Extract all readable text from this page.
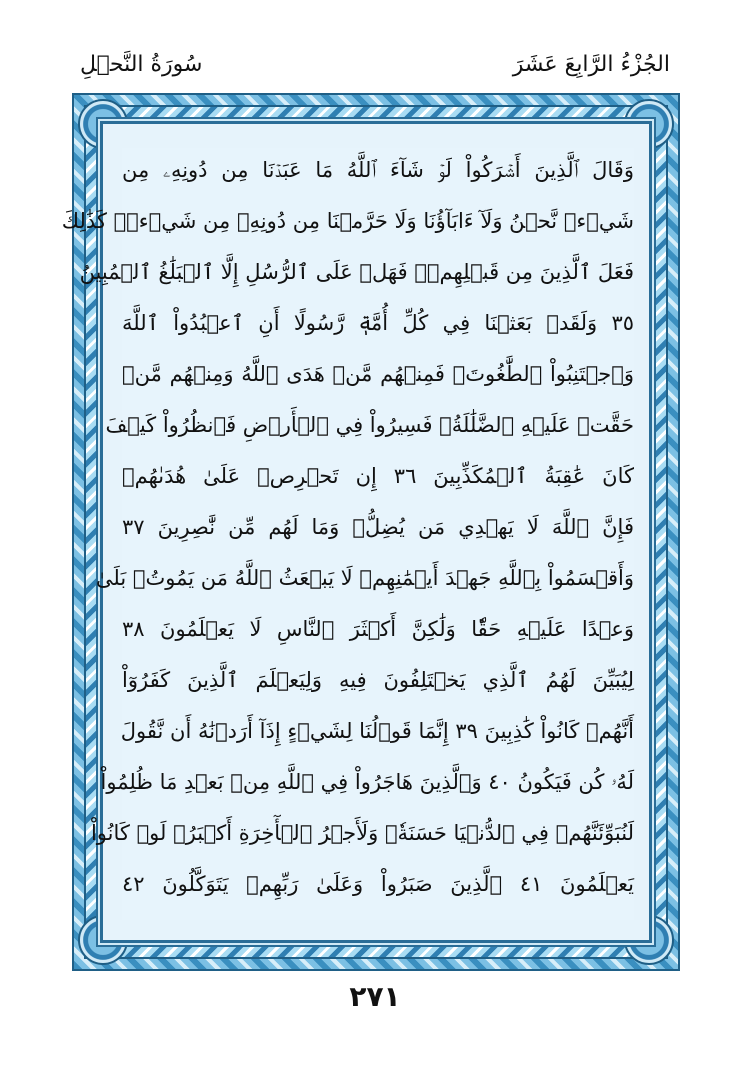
الجُزْءُ الرَّابِعَ عَشَرَ
سُورَةُ النَّحۡلِ
وَقَالَ ٱلَّذِينَ أَشۡرَكُواْ لَوۡ شَآءَ ٱللَّهُ مَا عَبَدۡنَا مِن دُونِهِۦ مِن
شَيۡءٖ نَّحۡنُ وَلَآ ءَابَآؤُنَا وَلَا حَرَّمۡنَا مِن دُونِهِۦ مِن شَيۡءٖۚ كَذَٰلِكَ
فَعَلَ ٱلَّذِينَ مِن قَبۡلِهِمۡۚ فَهَلۡ عَلَى ٱلرُّسُلِ إِلَّا ٱلۡبَلَٰغُ ٱلۡمُبِينُ
٣٥ وَلَقَدۡ بَعَثۡنَا فِي كُلِّ أُمَّةٖ رَّسُولًا أَنِ ٱعۡبُدُواْ ٱللَّهَ
وَٱجۡتَنِبُواْ ٱلطَّٰغُوتَۖ فَمِنۡهُم مَّنۡ هَدَى ٱللَّهُ وَمِنۡهُم مَّنۡ
حَقَّتۡ عَلَيۡهِ ٱلضَّلَٰلَةُۚ فَسِيرُواْ فِي ٱلۡأَرۡضِ فَٱنظُرُواْ كَيۡفَ
كَانَ عَٰقِبَةُ ٱلۡمُكَذِّبِينَ ٣٦ إِن تَحۡرِصۡ عَلَىٰ هُدَىٰهُمۡ
فَإِنَّ ٱللَّهَ لَا يَهۡدِي مَن يُضِلُّۖ وَمَا لَهُم مِّن نَّٰصِرِينَ ٣٧
وَأَقۡسَمُواْ بِٱللَّهِ جَهۡدَ أَيۡمَٰنِهِمۡ لَا يَبۡعَثُ ٱللَّهُ مَن يَمُوتُۚ بَلَىٰ
وَعۡدًا عَلَيۡهِ حَقّٗا وَلَٰكِنَّ أَكۡثَرَ ٱلنَّاسِ لَا يَعۡلَمُونَ ٣٨
لِيُبَيِّنَ لَهُمُ ٱلَّذِي يَخۡتَلِفُونَ فِيهِ وَلِيَعۡلَمَ ٱلَّذِينَ كَفَرُوٓاْ
أَنَّهُمۡ كَانُواْ كَٰذِبِينَ ٣٩ إِنَّمَا قَوۡلُنَا لِشَيۡءٍ إِذَآ أَرَدۡنَٰهُ أَن نَّقُولَ
لَهُۥ كُن فَيَكُونُ ٤٠ وَٱلَّذِينَ هَاجَرُواْ فِي ٱللَّهِ مِنۢ بَعۡدِ مَا ظُلِمُواْ
لَنُبَوِّئَنَّهُمۡ فِي ٱلدُّنۡيَا حَسَنَةٗۖ وَلَأَجۡرُ ٱلۡأٓخِرَةِ أَكۡبَرُۚ لَوۡ كَانُواْ
يَعۡلَمُونَ ٤١ ٱلَّذِينَ صَبَرُواْ وَعَلَىٰ رَبِّهِمۡ يَتَوَكَّلُونَ ٤٢
٢٧١
